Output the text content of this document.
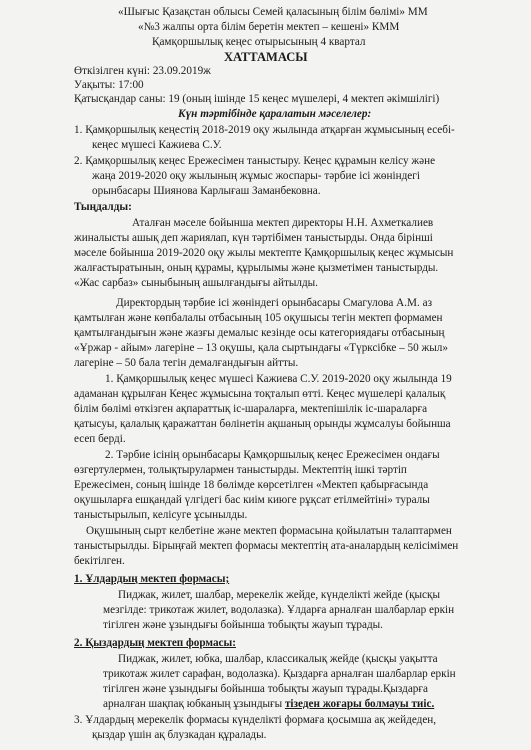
«Шығыс Қазақстан облысы Семей қаласының білім бөлімі» ММ
«№3 жалпы орта білім беретін мектеп – кешені» КММ
Қамқоршылық кеңес отырысының 4 квартал
ХАТТАМАСЫ
Өткізілген күні: 23.09.2019ж
Уақыты: 17:00
Қатысқандар саны: 19 (оның ішінде 15 кеңес мүшелері, 4 мектеп әкімшілігі)
Күн тәртібінде қаралатын мәселелер:
1. Қамқоршылық кеңестің 2018-2019 оқу жылында атқарған жұмысының есебі-
кеңес мүшесі Кажиева С.У.
2. Қамқоршылық кеңес Ережесімен таныстыру. Кеңес құрамын келісу және
жаңа 2019-2020 оқу жылының жұмыс жоспары- тәрбие ісі жөніндегі
орынбасары Шиянова Карлығаш Заманбековна.
Тыңдалды:
Аталған мәселе бойынша мектеп директоры Н.Н. Ахметкалиев
жиналысты ашық деп жариялап, күн тәртібімен таныстырды. Онда бірінші
мәселе бойынша 2019-2020 оқу жылы мектепте Қамқоршылық кеңес жұмысын
жалғастыратынын, оның құрамы, құрылымы және қызметімен таныстырды.
«Жас сарбаз» сыныбының ашылғандығы айтылды.
Директордың тәрбие ісі жөніндегі орынбасары Смагулова А.М. аз
қамтылған және көпбалалы отбасының 105 оқушысы тегін мектеп формамен
қамтылғандығын және жазғы демалыс кезінде осы категориядағы отбасының
«Ұржар - айым» лагеріне – 13 оқушы, қала сыртындағы «Түрксібке – 50 жыл»
лагеріне – 50 бала тегін демалғандығын айтты.
1. Қамқоршылық кеңес мүшесі Кажиева С.У. 2019-2020 оқу жылында 19
адаманан құрылған Кеңес жұмысына тоқталып өтті. Кеңес мүшелері қалалық
білім бөлімі өткізген ақпараттық іс-шараларға, мектепішілік іс-шараларға
қатысуы, қалалық қаражаттан бөлінетін ақшаның орынды жұмсалуы бойынша
есеп берді.
2. Тәрбие ісінің орынбасары Қамқоршылық кеңес Ережесімен ондағы
өзгертулермен, толықтырулармен таныстырды. Мектептің ішкі тәртіп
Ережесімен, соның ішінде 18 бөлімде көрсетілген «Мектеп қабырғасында
оқушыларға ешқандай үлгідегі бас киім киюге рұқсат етілмейтіні» туралы
таныстырылып, келісуге ұсынылды.
Оқушының сырт келбетіне және мектеп формасына қойылатын талаптармен
таныстырылды. Бірыңғай мектеп формасы мектептің ата-аналардың келісімімен
бекітілген.
1. Ұлдардың мектеп формасы;
Пиджак, жилет, шалбар, мерекелік жейде, күнделікті жейде (қысқы
мезгілде: трикотаж жилет, водолазка). Ұлдарға арналған шалбарлар еркін
тігілген және ұзындығы бойынша тобықты жауып тұрады.
2. Қыздардың мектеп формасы:
Пиджак, жилет, юбка, шалбар, классикалық жейде (қысқы уақытта
трикотаж жилет сарафан, водолазка). Қыздарға арналған шалбарлар еркін
тігілген және ұзындығы бойынша тобықты жауып тұрады.Қыздарға
арналған шақпақ юбканың ұзындығы тізеден жоғары болмауы тиіс.
3. Ұлдардың мерекелік формасы күнделікті формаға қосымша ақ жейдеден,
қыздар үшін ақ блузкадан құралады.
